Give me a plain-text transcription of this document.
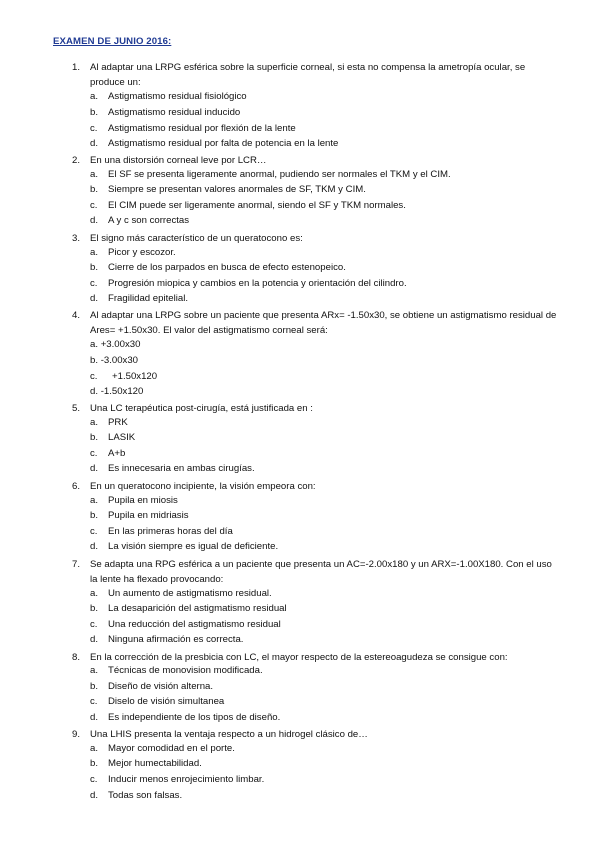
EXAMEN DE JUNIO 2016:
1.	Al adaptar una LRPG esférica sobre la superficie corneal, si esta no compensa la ametropía ocular, se produce un:
a. Astigmatismo residual fisiológico
b. Astigmatismo residual inducido
c. Astigmatismo residual por flexión de la lente
d. Astigmatismo residual por falta de potencia en la lente
2.	En una distorsión corneal leve por LCR…
a. El SF se presenta ligeramente anormal, pudiendo ser normales el TKM y el CIM.
b. Siempre se presentan valores anormales de SF, TKM y CIM.
c. El CIM puede ser ligeramente anormal, siendo el SF y TKM normales.
d. A y c son correctas
3.	El signo más característico de un queratocono es:
a. Picor y escozor.
b. Cierre de los parpados en busca de efecto estenopeico.
c. Progresión miopica y cambios en la potencia y orientación del cilindro.
d. Fragilidad epitelial.
4.	Al adaptar una LRPG sobre un paciente que presenta ARx= -1.50x30, se obtiene un astigmatismo residual de Ares= +1.50x30. El valor del astigmatismo corneal será:
a. +3.00x30
b. -3.00x30
c. +1.50x120
d. -1.50x120
5.	Una LC terapéutica post-cirugía, está justificada en :
a. PRK
b. LASIK
c. A+b
d. Es innecesaria en ambas cirugías.
6.	En un queratocono incipiente, la visión empeora con:
a. Pupila en miosis
b. Pupila en midriasis
c. En las primeras horas del día
d. La visión siempre es igual de deficiente.
7.	Se adapta una RPG esférica a un paciente que presenta un AC=-2.00x180 y un ARX=-1.00X180. Con el uso la lente ha flexado provocando:
a. Un aumento de astigmatismo residual.
b. La desaparición del astigmatismo residual
c. Una reducción del astigmatismo residual
d. Ninguna afirmación es correcta.
8.	En la corrección de la presbicia con LC, el mayor respecto de la estereoagudeza se consigue con:
a. Técnicas de monovision modificada.
b. Diseño de visión alterna.
c. Diselo de visión simultanea
d. Es independiente de los tipos de diseño.
9.	Una LHIS presenta la ventaja respecto a un hidrogel clásico de…
a. Mayor comodidad en el porte.
b. Mejor humectabilidad.
c. Inducir menos enrojecimiento limbar.
d. Todas son falsas.
